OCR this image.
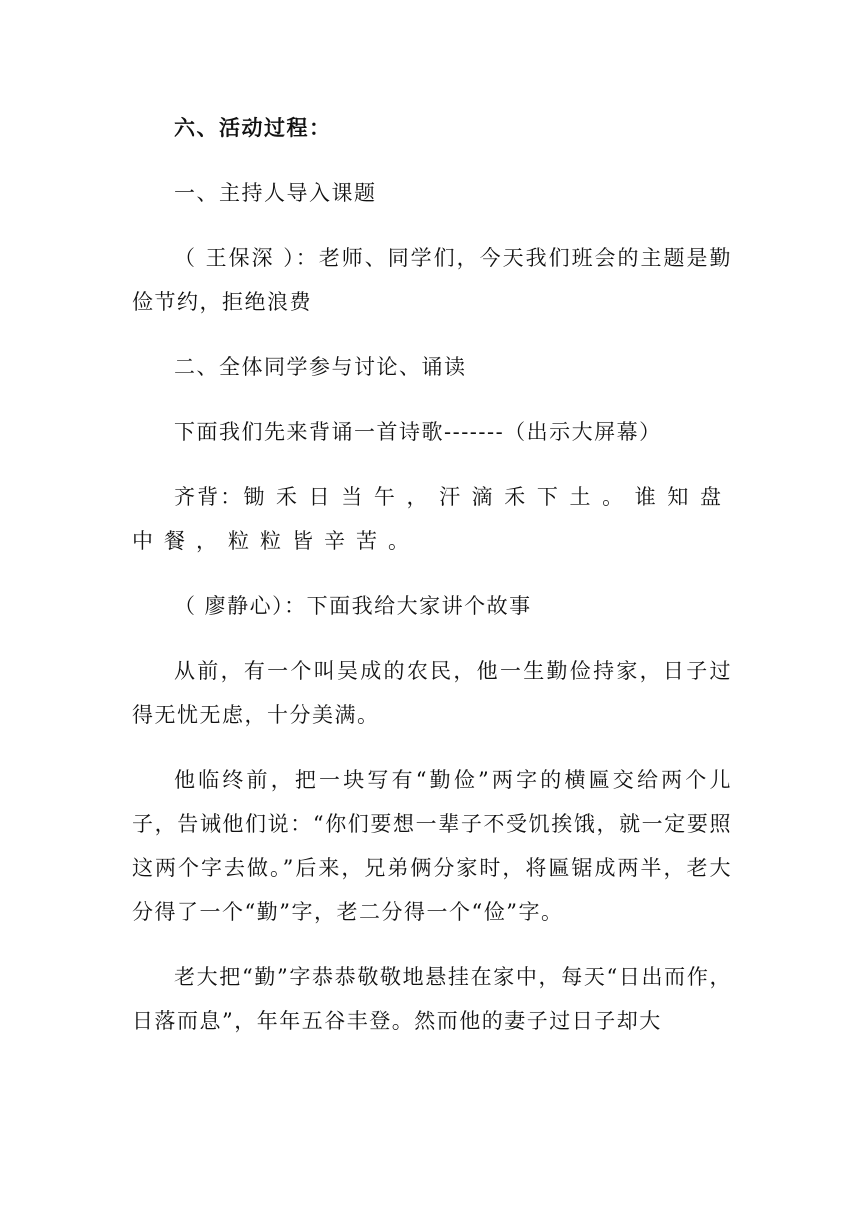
六、活动过程：

一、主持人导入课题

（ 王保深 ）：老师、同学们，今天我们班会的主题是勤俭节约，拒绝浪费

二、全体同学参与讨论、诵读

下面我们先来背诵一首诗歌-------（出示大屏幕）

齐背：锄禾日当午，汗滴禾下土。谁知盘中餐，粒粒皆辛苦。

（ 廖静心）：下面我给大家讲个故事

从前，有一个叫吴成的农民，他一生勤俭持家，日子过得无忧无虑，十分美满。

他临终前，把一块写有“勤俭”两字的横匾交给两个儿子，告诫他们说：“你们要想一辈子不受饥挨饿，就一定要照这两个字去做。”后来，兄弟俩分家时，将匾锯成两半，老大分得了一个“勤”字，老二分得一个“俭”字。

老大把“勤”字恭恭敬敬地悬挂在家中，每天“日出而作，日落而息”，年年五谷丰登。然而他的妻子过日子却大
